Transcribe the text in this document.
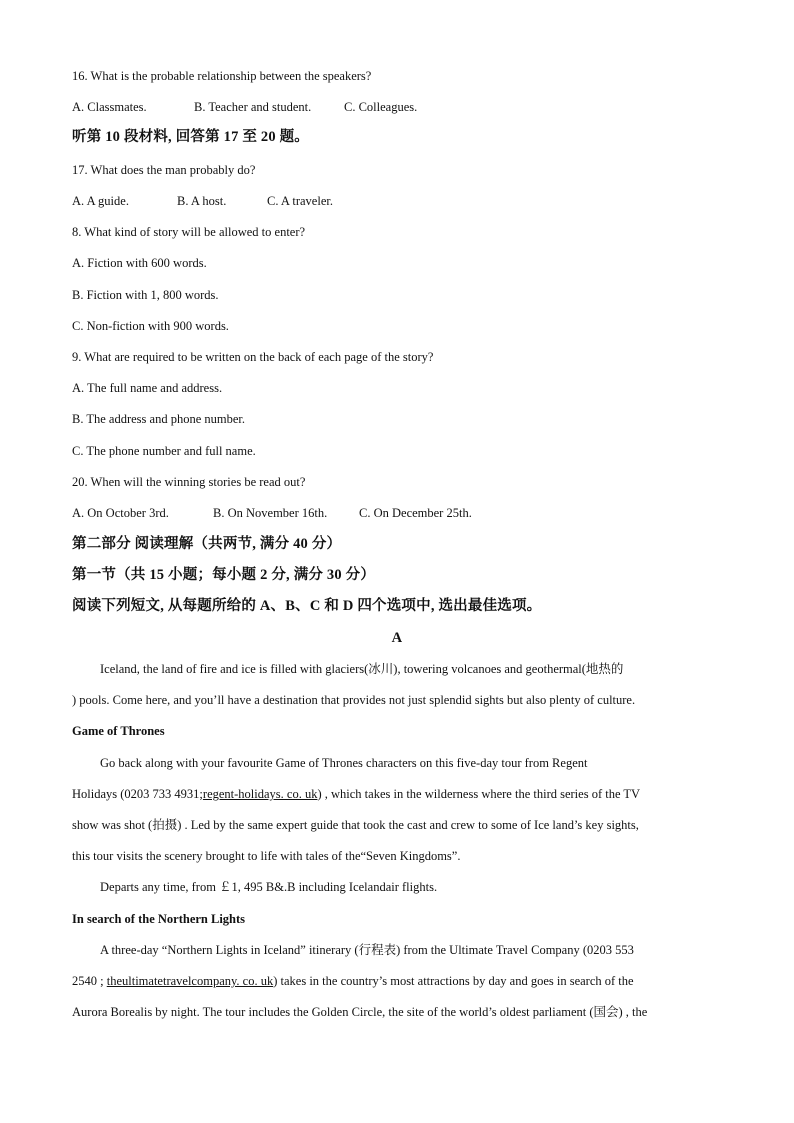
16. What is the probable relationship between the speakers?
A. Classmates.	B. Teacher and student.	C. Colleagues.
听第 10 段材料, 回答第 17 至 20 题。
17. What does the man probably do?
A. A guide.	B. A host.	C. A traveler.
8. What kind of story will be allowed to enter?
A. Fiction with 600 words.
B. Fiction with 1, 800 words.
C. Non-fiction with 900 words.
9. What are required to be written on the back of each page of the story?
A. The full name and address.
B. The address and phone number.
C. The phone number and full name.
20. When will the winning stories be read out?
A. On October 3rd.	B. On November 16th.	C. On December 25th.
第二部分 阅读理解（共两节, 满分 40 分）
第一节（共 15 小题；每小题 2 分, 满分 30 分）
阅读下列短文, 从每题所给的 A、B、C 和 D 四个选项中, 选出最佳选项。
A
Iceland, the land of fire and ice is filled with glaciers(冰川), towering volcanoes and geothermal(地热的
) pools. Come here, and you’ll have a destination that provides not just splendid sights but also plenty of culture.
Game of Thrones
Go back along with your favourite Game of Thrones characters on this five-day tour from Regent
Holidays (0203 733 4931;regent-holidays. co. uk) , which takes in the wilderness where the third series of the TV
show was shot (拍摄) . Led by the same expert guide that took the cast and crew to some of Ice land’s key sights,
this tour visits the scenery brought to life with tales of the“Seven Kingdoms”.
Departs any time, from ￡1, 495 B&.B including Icelandair flights.
In search of the Northern Lights
A three-day “Northern Lights in Iceland” itinerary (行程表) from the Ultimate Travel Company (0203 553
2540 ; theultimatetravelcompany. co. uk) takes in the country’s most attractions by day and goes in search of the
Aurora Borealis by night. The tour includes the Golden Circle, the site of the world’s oldest parliament (国会) , the
